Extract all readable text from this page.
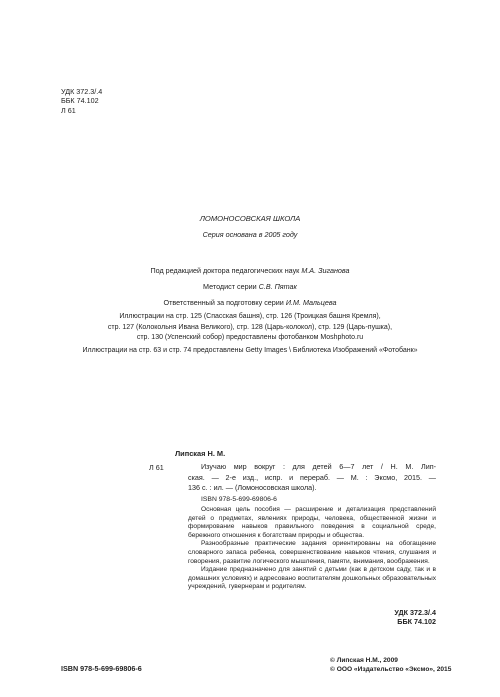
УДК 372.3/.4
ББК 74.102
Л 61
ЛОМОНОСОВСКАЯ ШКОЛА
Серия основана в 2005 году
Под редакцией доктора педагогических наук М.А. Зиганова
Методист серии С.В. Пятак
Ответственный за подготовку серии И.М. Мальцева
Иллюстрации на стр. 125 (Спасская башня), стр. 126 (Троицкая башня Кремля),
стр. 127 (Колокольня Ивана Великого), стр. 128 (Царь-колокол), стр. 129 (Царь-пушка),
стр. 130 (Успенский собор) предоставлены фотобанком Moshphoto.ru
Иллюстрации на стр. 63 и стр. 74 предоставлены Getty Images \ Библиотека Изображений «Фотобанк»
Липская Н. М.
Л 61	Изучаю мир вокруг : для детей 6—7 лет / Н. М. Лип-
ская. — 2-е изд., испр. и перераб. — М. : Эксмо, 2015. —
136 с. : ил. — (Ломоносовская школа).
ISBN 978-5-699-69806-6
Основная цель пособия — расширение и детализация представлений детей о предметах, явлениях природы, человека, общественной жизни и формирование навыков правильного поведения в социальной среде, бережного отношения к богатствам природы и общества.
Разнообразные практические задания ориентированы на обогащение словарного запаса ребенка, совершенствование навыков чтения, слушания и говорения, развитие логического мышления, памяти, внимания, воображения.
Издание предназначено для занятий с детьми (как в детском саду, так и в домашних условиях) и адресовано воспитателям дошкольных образовательных учреждений, гувернерам и родителям.
УДК 372.3/.4
ББК 74.102
ISBN 978-5-699-69806-6
© Липская Н.М., 2009
© ООО «Издательство «Эксмо», 2015
